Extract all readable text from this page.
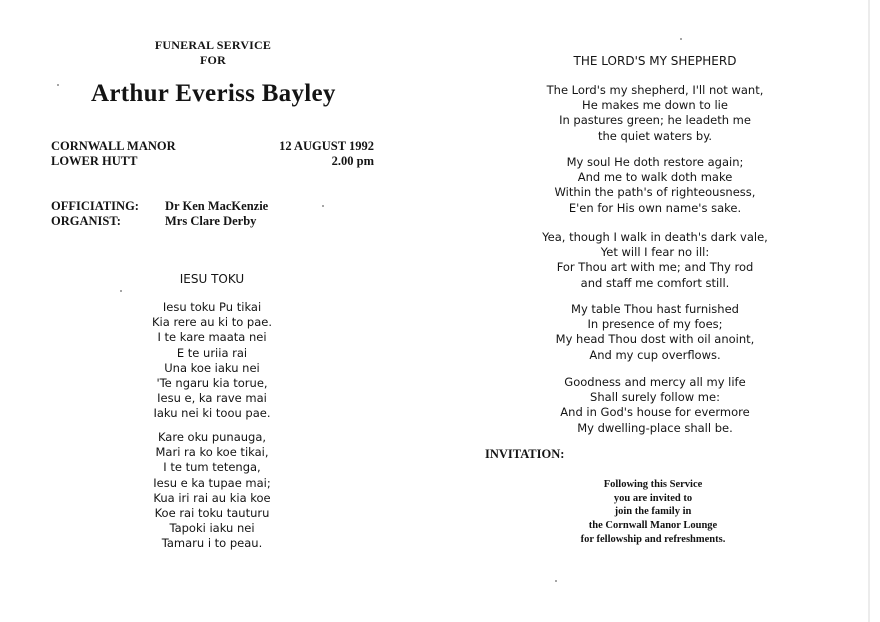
FUNERAL SERVICE
FOR
Arthur Everiss Bayley
CORNWALL MANOR
LOWER HUTT
12 AUGUST 1992
2.00 pm
OFFICIATING: Dr Ken MacKenzie
ORGANIST:	Mrs Clare Derby
IESU TOKU
Iesu toku Pu tikai
Kia rere au ki to pae.
I te kare maata nei
E te uriia rai
Una koe iaku nei
'Te ngaru kia torue,
Iesu e, ka rave mai
Iaku nei ki toou pae.
Kare oku punauga,
Mari ra ko koe tikai,
I te tum tetenga,
Iesu e ka tupae mai;
Kua iri rai au kia koe
Koe rai toku tauturu
Tapoki iaku nei
Tamaru i to peau.
THE LORD'S MY SHEPHERD
The Lord's my shepherd, I'll not want,
He makes me down to lie
In pastures green; he leadeth me
the quiet waters by.
My soul He doth restore again;
And me to walk doth make
Within the path's of righteousness,
E'en for His own name's sake.
Yea, though I walk in death's dark vale,
Yet will I fear no ill:
For Thou art with me; and Thy rod
and staff me comfort still.
My table Thou hast furnished
In presence of my foes;
My head Thou dost with oil anoint,
And my cup overflows.
Goodness and mercy all my life
Shall surely follow me:
And in God's house for evermore
My dwelling-place shall be.
INVITATION:
Following this Service
you are invited to
join the family in
the Cornwall Manor Lounge
for fellowship and refreshments.
